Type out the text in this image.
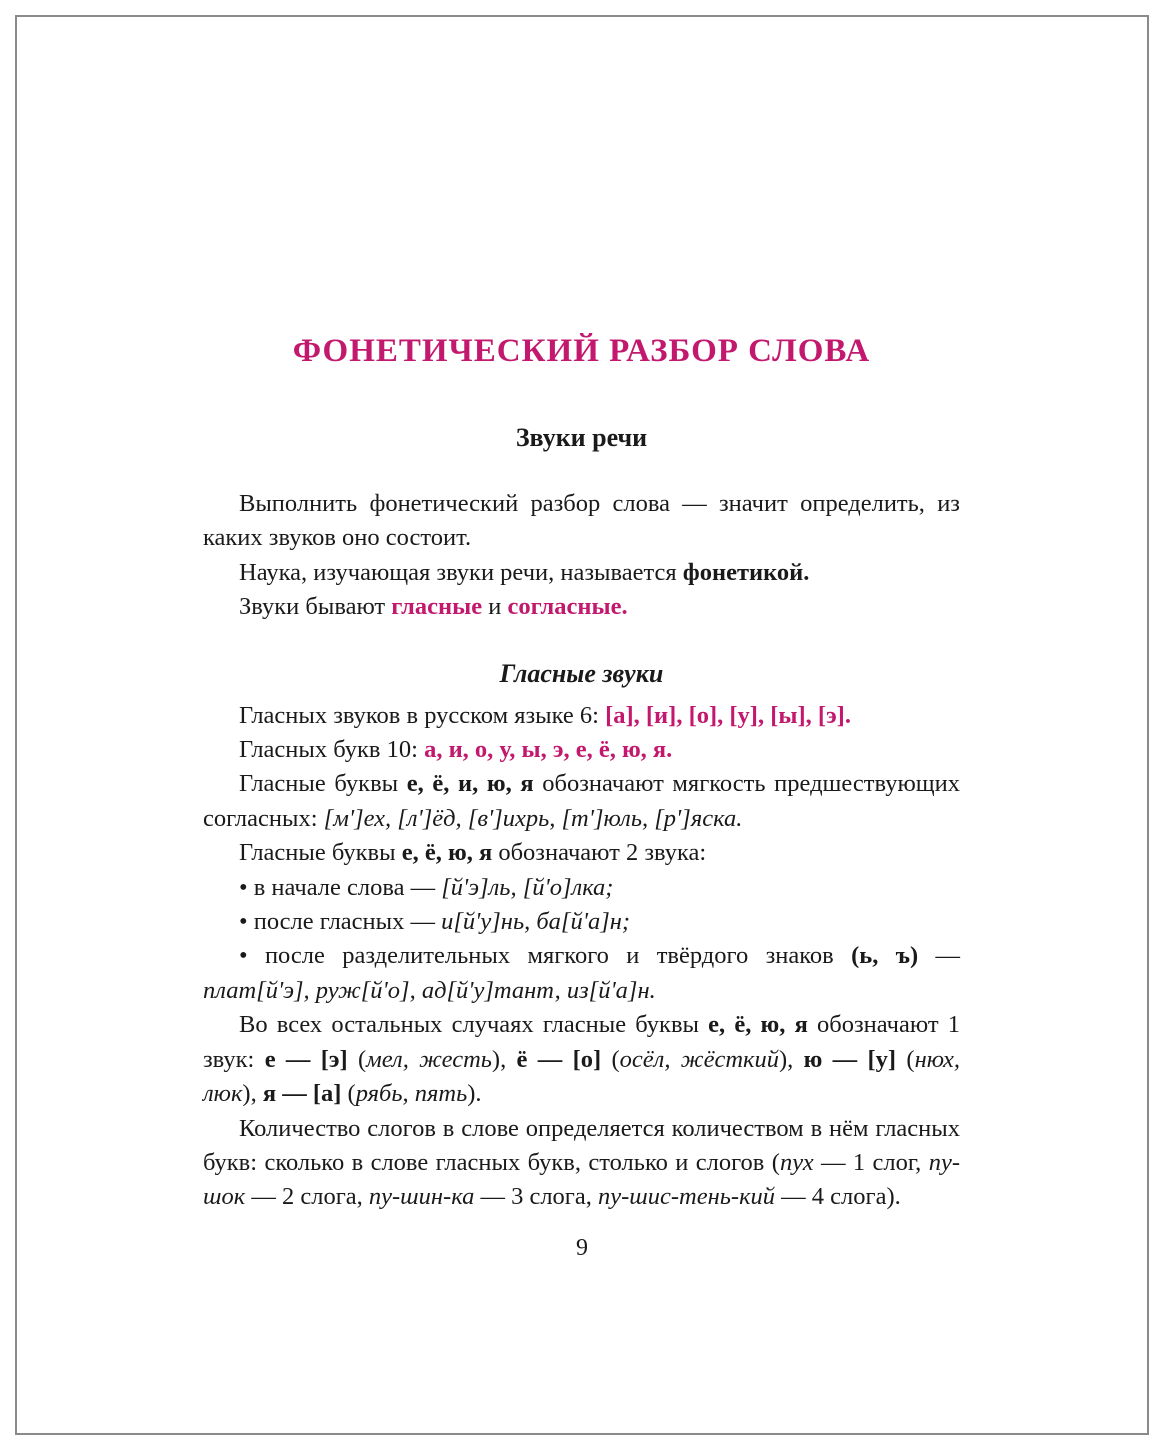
ФОНЕТИЧЕСКИЙ РАЗБОР СЛОВА
Звуки речи

Выполнить фонетический разбор слова — значит определить, из каких звуков оно состоит.

Наука, изучающая звуки речи, называется фонетикой.

Звуки бывают гласные и согласные.

Гласные звуки

Гласных звуков в русском языке 6: [а], [и], [о], [у], [ы], [э].

Гласных букв 10: а, и, о, у, ы, э, е, ё, ю, я.

Гласные буквы е, ё, и, ю, я обозначают мягкость предшествующих согласных: [м']ех, [л']ёд, [в']ихрь, [т']юль, [р']яска.

Гласные буквы е, ё, ю, я обозначают 2 звука:

• в начале слова — [й'э]ль, [й'о]лка;

• после гласных — и[й'у]нь, ба[й'а]н;

• после разделительных мягкого и твёрдого знаков (ь, ъ) — плат[й'э], руж[й'о], ад[й'у]тант, из[й'а]н.

Во всех остальных случаях гласные буквы е, ё, ю, я обозначают 1 звук: е — [э] (мел, жесть), ё — [о] (осёл, жёсткий), ю — [у] (нюх, люк), я — [а] (рябь, пять).

Количество слогов в слове определяется количеством в нём гласных букв: сколько в слове гласных букв, столько и слогов (пух — 1 слог, пу-шок — 2 слога, пу-шин-ка — 3 слога, пу-шис-тень-кий — 4 слога).

9
